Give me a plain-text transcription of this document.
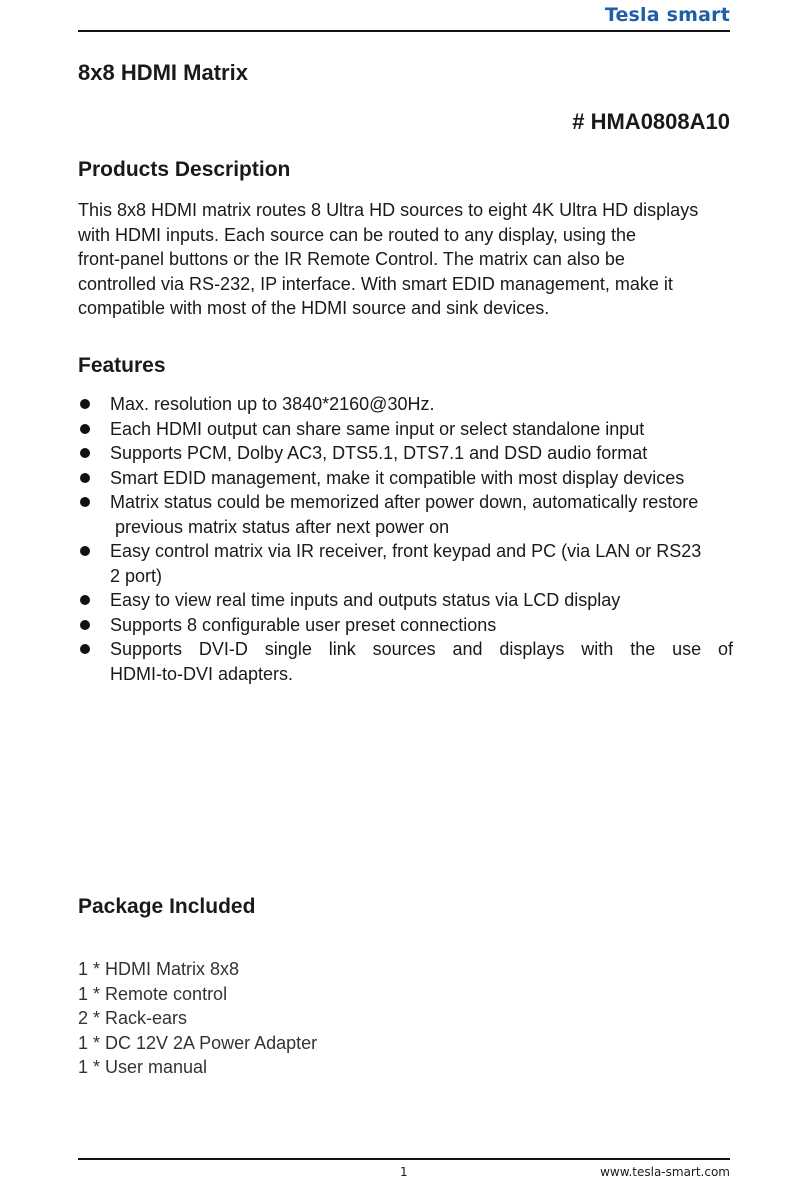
Tesla smart
8x8 HDMI Matrix
# HMA0808A10
Products Description

This 8x8 HDMI matrix routes 8 Ultra HD sources to eight 4K Ultra HD displays
with HDMI inputs. Each source can be routed to any display, using the
front-panel buttons or the IR Remote Control. The matrix can also be
controlled via RS-232, IP interface. With smart EDID management, make it
compatible with most of the HDMI source and sink devices.

Features
Max. resolution up to 3840*2160@30Hz.
Each HDMI output can share same input or select standalone input
Supports PCM, Dolby AC3, DTS5.1, DTS7.1 and DSD audio format
Smart EDID management, make it compatible with most display devices
Matrix status could be memorized after power down, automatically restore
previous matrix status after next power on
Easy control matrix via IR receiver, front keypad and PC (via LAN or RS23
2 port)
Easy to view real time inputs and outputs status via LCD display
Supports 8 configurable user preset connections
Supports DVI-D single link sources and displays with the use of
HDMI-to-DVI adapters.
Package Included
1 * HDMI Matrix 8x8
1 * Remote control
2 * Rack-ears
1 * DC 12V 2A Power Adapter
1 * User manual
1	www.tesla-smart.com
